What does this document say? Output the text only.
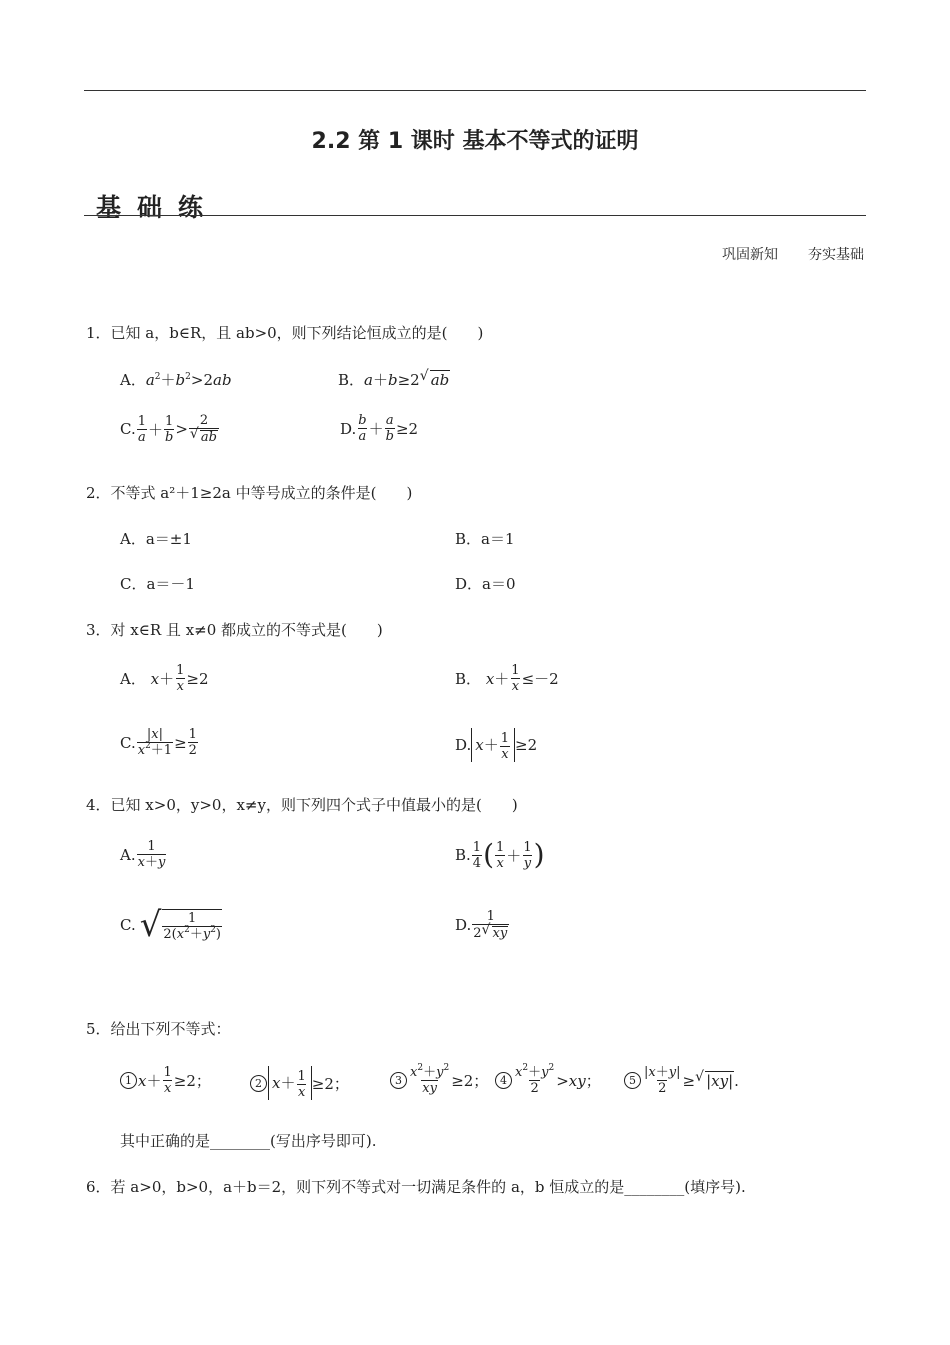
2.2 第 1 课时 基本不等式的证明
基础练
巩固新知 夯实基础
1．已知 a，b∈R，且 ab>0，则下列结论恒成立的是(　　)
A． $a^2+b^2>2ab$	B． a＋b≥2 √ ab
C. 1
a ＋ 1
b > 2
√ ab	D. b
a ＋ a
b ≥2
2．不等式 a²＋1≥2a 中等号成立的条件是(　　)
A．a＝±1	B．a＝1
C．a＝－1	D．a＝0
3．对 x∈R 且 x≠0 都成立的不等式是(　　)
A．
x ＋ 1
x ≥2	B．
x ＋ 1
x ≤－2
C. |x|
$x^2+1 \ge 1$
2	D. $x+ \frac{1}{x} \ge 2$
4．已知 x>0，y>0，x≠y，则下列四个式子中值最小的是(　　)
A. 1
x＋y	B. 1
4 ( 1
x ＋ 1
y )
C. √ 1
$2(x^2+y^2)$
D. 1
2 √ xy
5．给出下列不等式：
1 x ＋ 1
x ≥2；	2 $x+ \frac{1}{x} \ge 2$；	3
$x^2+y^2$
xy ≥2；	4
$x^2+y^2$
2 > xy ；	5
|x＋y|
2 ≥ √ |xy| .
其中正确的是________(写出序号即可).
6．若 a>0，b>0，a＋b＝2，则下列不等式对一切满足条件的 a，b 恒成立的是________(填序号).
